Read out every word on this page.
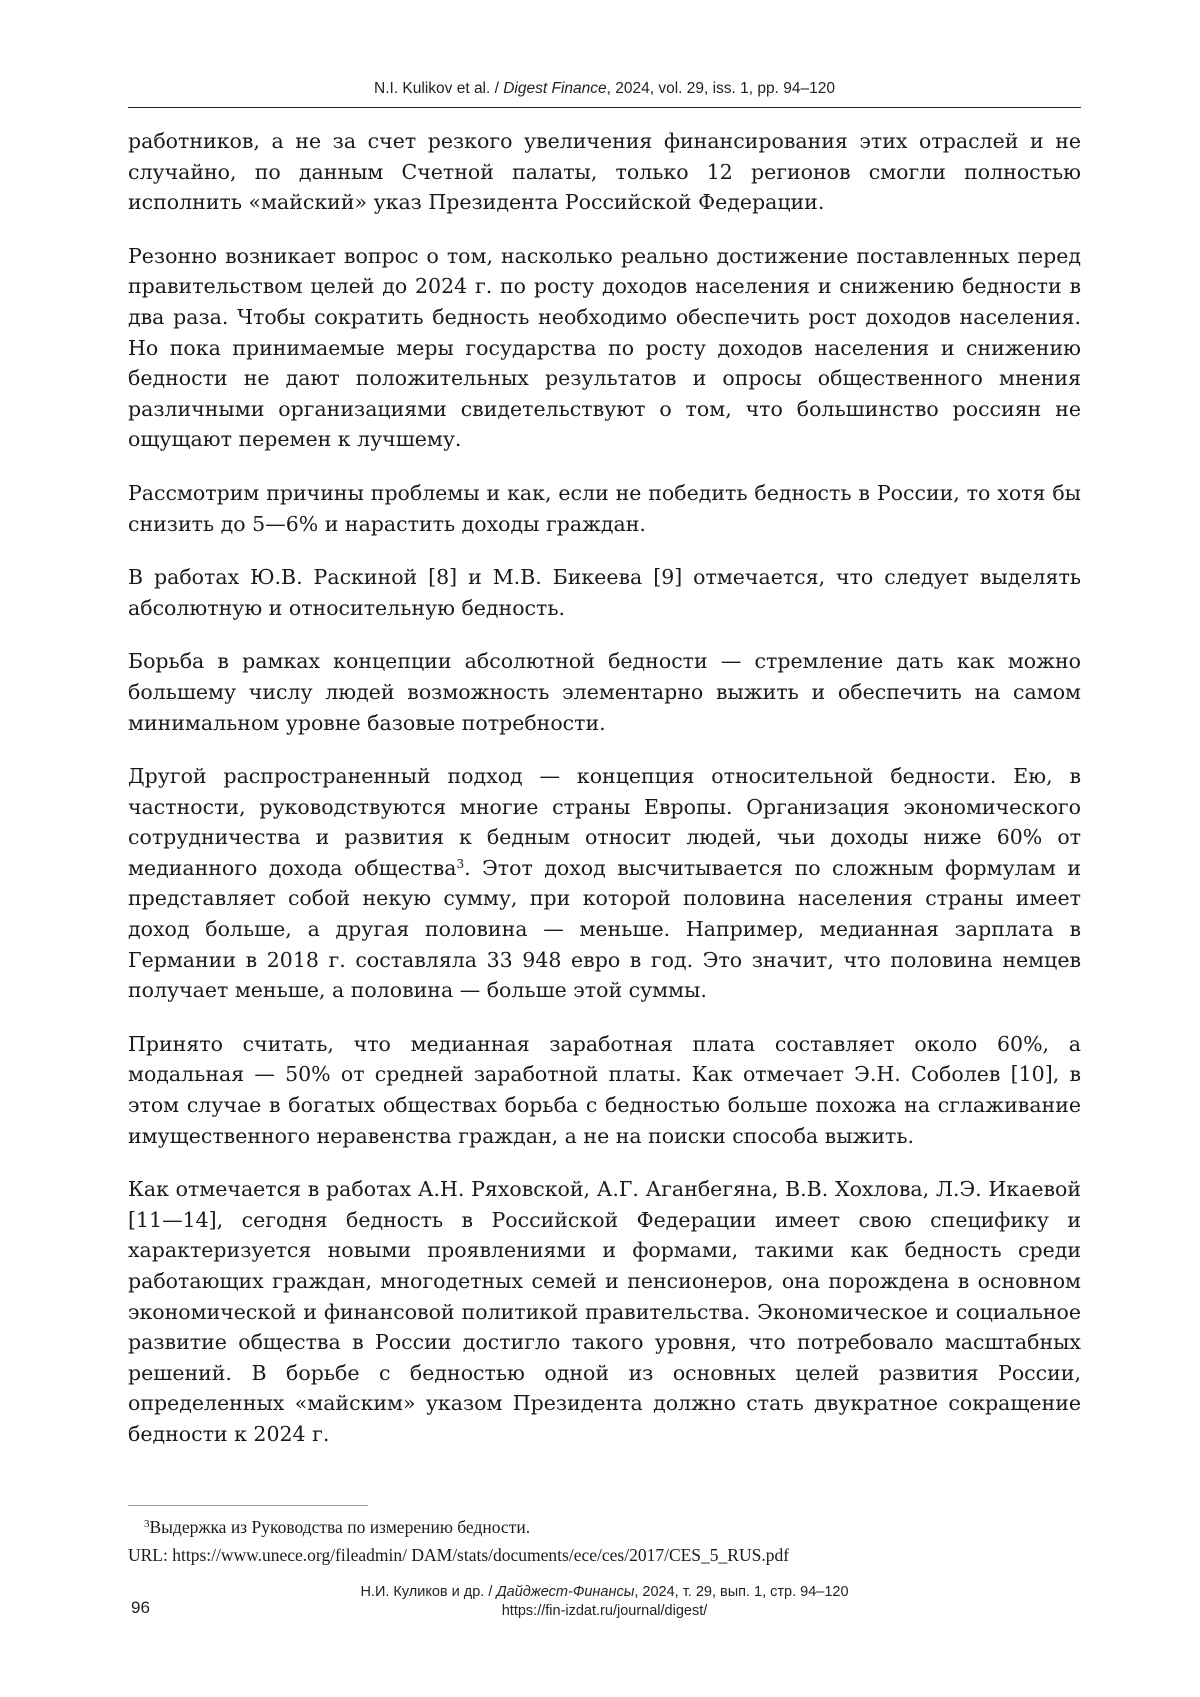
N.I. Kulikov et al. / Digest Finance, 2024, vol. 29, iss. 1, pp. 94–120

работников, а не за счет резкого увеличения финансирования этих отраслей и не случайно, по данным Счетной палаты, только 12 регионов смогли полностью исполнить «майский» указ Президента Российской Федерации.

Резонно возникает вопрос о том, насколько реально достижение поставленных перед правительством целей до 2024 г. по росту доходов населения и снижению бедности в два раза. Чтобы сократить бедность необходимо обеспечить рост доходов населения. Но пока принимаемые меры государства по росту доходов населения и снижению бедности не дают положительных результатов и опросы общественного мнения различными организациями свидетельствуют о том, что большинство россиян не ощущают перемен к лучшему.

Рассмотрим причины проблемы и как, если не победить бедность в России, то хотя бы снизить до 5—6% и нарастить доходы граждан.

В работах Ю.В. Раскиной [8] и М.В. Бикеева [9] отмечается, что следует выделять абсолютную и относительную бедность.

Борьба в рамках концепции абсолютной бедности — стремление дать как можно большему числу людей возможность элементарно выжить и обеспечить на самом минимальном уровне базовые потребности.

Другой распространенный подход — концепция относительной бедности. Ею, в частности, руководствуются многие страны Европы. Организация экономического сотрудничества и развития к бедным относит людей, чьи доходы ниже 60% от медианного дохода общества$^3$. Этот доход высчитывается по сложным формулам и представляет собой некую сумму, при которой половина населения страны имеет доход больше, а другая половина — меньше. Например, медианная зарплата в Германии в 2018 г. составляла 33 948 евро в год. Это значит, что половина немцев получает меньше, а половина — больше этой суммы.

Принято считать, что медианная заработная плата составляет около 60%, а модальная — 50% от средней заработной платы. Как отмечает Э.Н. Соболев [10], в этом случае в богатых обществах борьба с бедностью больше похожа на сглаживание имущественного неравенства граждан, а не на поиски способа выжить.

Как отмечается в работах А.Н. Ряховской, А.Г. Аганбегяна, В.В. Хохлова, Л.Э. Икаевой [11—14], сегодня бедность в Российской Федерации имеет свою специфику и характеризуется новыми проявлениями и формами, такими как бедность среди работающих граждан, многодетных семей и пенсионеров, она порождена в основном экономической и финансовой политикой правительства. Экономическое и социальное развитие общества в России достигло такого уровня, что потребовало масштабных решений. В борьбе с бедностью одной из основных целей развития России, определенных «майским» указом Президента должно стать двукратное сокращение бедности к 2024 г.

$^3$Выдержка из Руководства по измерению бедности.
URL: https://www.unece.org/fileadmin/ DAM/stats/documents/ece/ces/2017/CES_5_RUS.pdf
Н.И. Куликов и др. / Дайджест-Финансы, 2024, т. 29, вып. 1, стр. 94–120
https://fin-izdat.ru/journal/digest/
96
